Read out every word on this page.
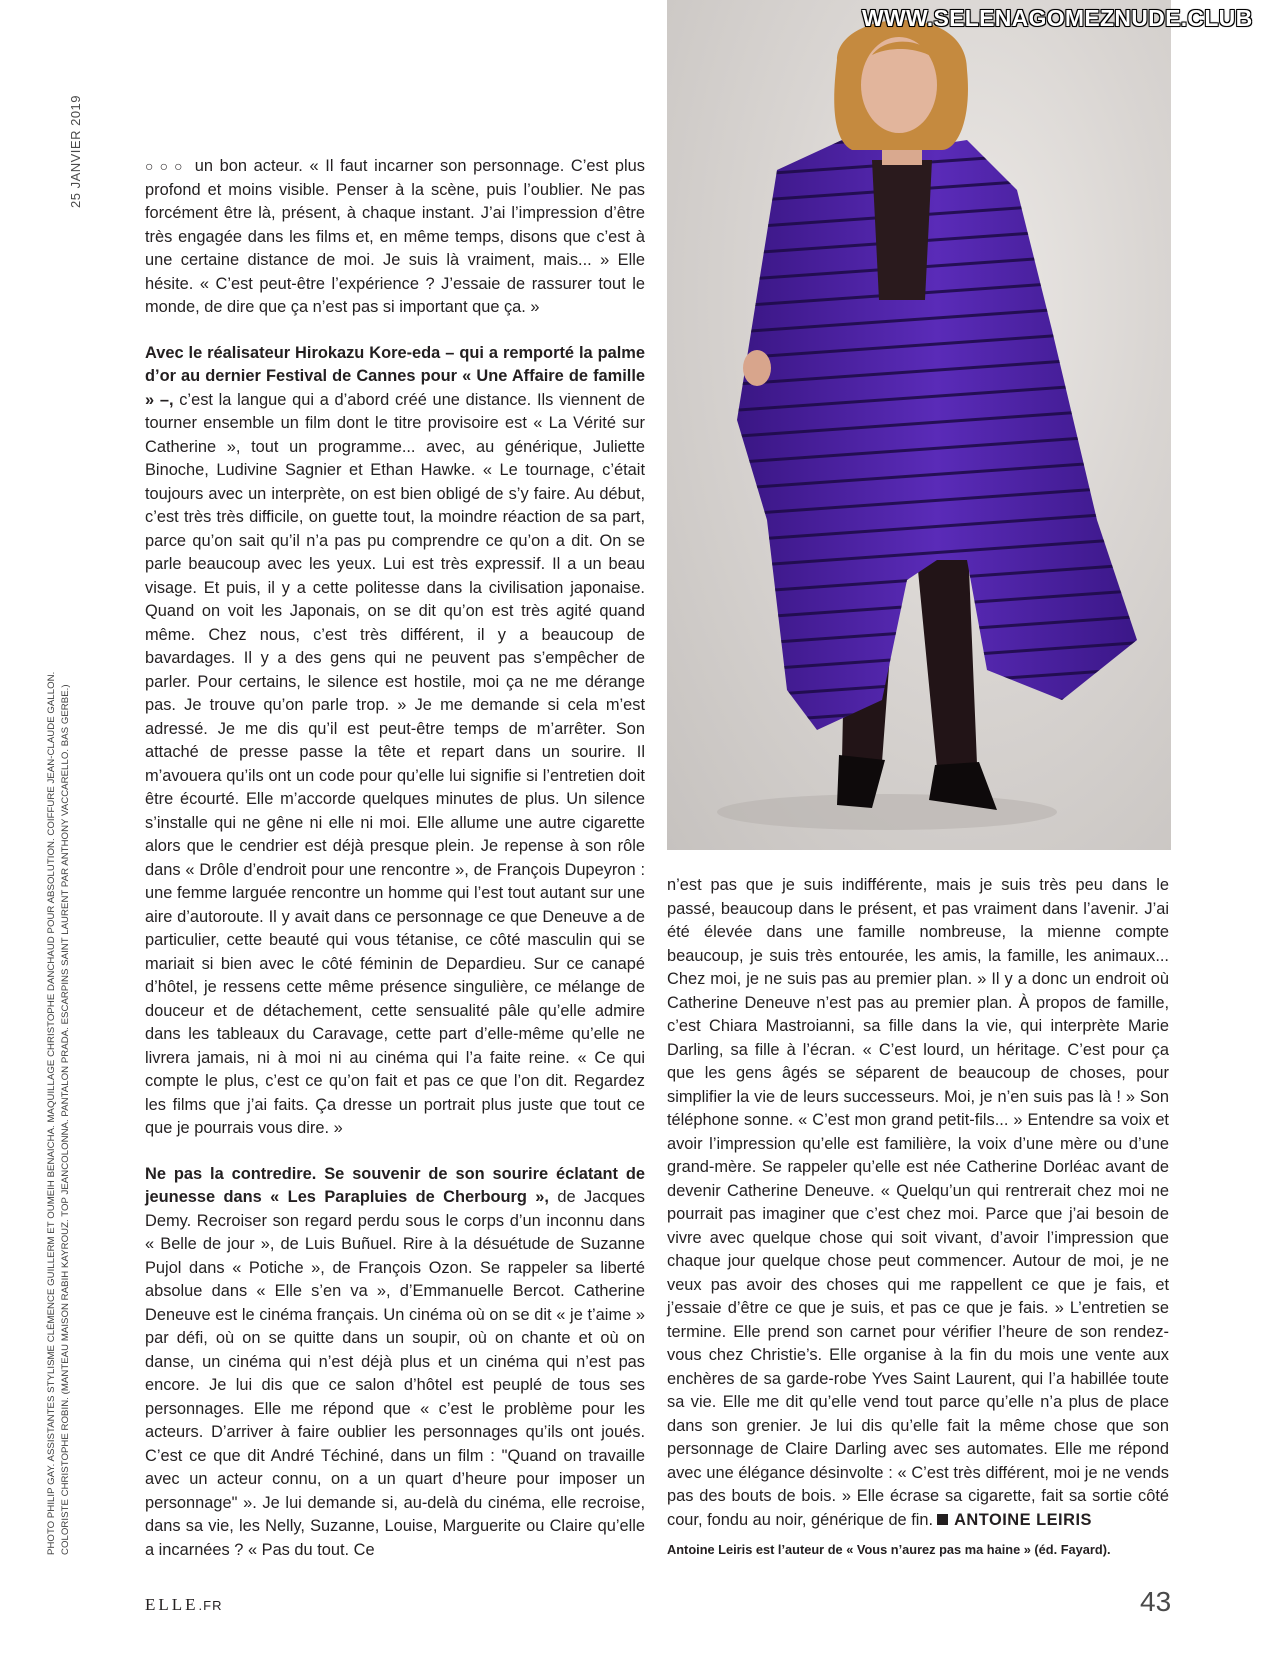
25 JANVIER 2019
PHOTO PHILIP GAY. ASSISTANTES STYLISME CLÉMENCE GUILLERM ET OUMEIH BENAICHA. MAQUILLAGE CHRISTOPHE DANCHAUD POUR ABSOLUTION. COIFFURE JEAN-CLAUDE GALLON. COLORISTE CHRISTOPHE ROBIN. (MANTEAU MAISON RABIH KAYROUZ. TOP JEANCOLONNA. PANTALON PRADA. ESCARPINS SAINT LAURENT PAR ANTHONY VACCARELLO. BAS GERBE.)
WWW.SELENAGOMEZNUDE.CLUB

○○○ un bon acteur. « Il faut incarner son personnage. C’est plus profond et moins visible. Penser à la scène, puis l’oublier. Ne pas forcément être là, présent, à chaque instant. J’ai l’impression d’être très engagée dans les films et, en même temps, disons que c’est à une certaine distance de moi. Je suis là vraiment, mais... » Elle hésite. « C’est peut-être l’expérience ? J’essaie de rassurer tout le monde, de dire que ça n’est pas si important que ça. »

Avec le réalisateur Hirokazu Kore-eda – qui a remporté la palme d’or au dernier Festival de Cannes pour « Une Affaire de famille » –, c’est la langue qui a d’abord créé une distance. Ils viennent de tourner ensemble un film dont le titre provisoire est « La Vérité sur Catherine », tout un programme... avec, au générique, Juliette Binoche, Ludivine Sagnier et Ethan Hawke. « Le tournage, c’était toujours avec un interprète, on est bien obligé de s’y faire. Au début, c’est très très difficile, on guette tout, la moindre réaction de sa part, parce qu’on sait qu’il n’a pas pu comprendre ce qu’on a dit. On se parle beaucoup avec les yeux. Lui est très expressif. Il a un beau visage. Et puis, il y a cette politesse dans la civilisation japonaise. Quand on voit les Japonais, on se dit qu’on est très agité quand même. Chez nous, c’est très différent, il y a beaucoup de bavardages. Il y a des gens qui ne peuvent pas s’empêcher de parler. Pour certains, le silence est hostile, moi ça ne me dérange pas. Je trouve qu’on parle trop. » Je me demande si cela m’est adressé. Je me dis qu’il est peut-être temps de m’arrêter. Son attaché de presse passe la tête et repart dans un sourire. Il m’avouera qu’ils ont un code pour qu’elle lui signifie si l’entretien doit être écourté. Elle m’accorde quelques minutes de plus. Un silence s’installe qui ne gêne ni elle ni moi. Elle allume une autre cigarette alors que le cendrier est déjà presque plein. Je repense à son rôle dans « Drôle d’endroit pour une rencontre », de François Dupeyron : une femme larguée rencontre un homme qui l’est tout autant sur une aire d’autoroute. Il y avait dans ce personnage ce que Deneuve a de particulier, cette beauté qui vous tétanise, ce côté masculin qui se mariait si bien avec le côté féminin de Depardieu. Sur ce canapé d’hôtel, je ressens cette même présence singulière, ce mélange de douceur et de détachement, cette sensualité pâle qu’elle admire dans les tableaux du Caravage, cette part d’elle-même qu’elle ne livrera jamais, ni à moi ni au cinéma qui l’a faite reine. « Ce qui compte le plus, c’est ce qu’on fait et pas ce que l’on dit. Regardez les films que j’ai faits. Ça dresse un portrait plus juste que tout ce que je pourrais vous dire. »

Ne pas la contredire. Se souvenir de son sourire éclatant de jeunesse dans « Les Parapluies de Cherbourg », de Jacques Demy. Recroiser son regard perdu sous le corps d’un inconnu dans « Belle de jour », de Luis Buñuel. Rire à la désuétude de Suzanne Pujol dans « Potiche », de François Ozon. Se rappeler sa liberté absolue dans « Elle s’en va », d’Emmanuelle Bercot. Catherine Deneuve est le cinéma français. Un cinéma où on se dit « je t’aime » par défi, où on se quitte dans un soupir, où on chante et où on danse, un cinéma qui n’est déjà plus et un cinéma qui n’est pas encore. Je lui dis que ce salon d’hôtel est peuplé de tous ses personnages. Elle me répond que « c’est le problème pour les acteurs. D’arriver à faire oublier les personnages qu’ils ont joués. C’est ce que dit André Téchiné, dans un film : "Quand on travaille avec un acteur connu, on a un quart d’heure pour imposer un personnage" ». Je lui demande si, au-delà du cinéma, elle recroise, dans sa vie, les Nelly, Suzanne, Louise, Marguerite ou Claire qu’elle a incarnées ? « Pas du tout. Ce

n’est pas que je suis indifférente, mais je suis très peu dans le passé, beaucoup dans le présent, et pas vraiment dans l’avenir. J’ai été élevée dans une famille nombreuse, la mienne compte beaucoup, je suis très entourée, les amis, la famille, les animaux... Chez moi, je ne suis pas au premier plan. » Il y a donc un endroit où Catherine Deneuve n’est pas au premier plan. À propos de famille, c’est Chiara Mastroianni, sa fille dans la vie, qui interprète Marie Darling, sa fille à l’écran. « C’est lourd, un héritage. C’est pour ça que les gens âgés se séparent de beaucoup de choses, pour simplifier la vie de leurs successeurs. Moi, je n’en suis pas là ! » Son téléphone sonne. « C’est mon grand petit-fils... » Entendre sa voix et avoir l’impression qu’elle est familière, la voix d’une mère ou d’une grand-mère. Se rappeler qu’elle est née Catherine Dorléac avant de devenir Catherine Deneuve. « Quelqu’un qui rentrerait chez moi ne pourrait pas imaginer que c’est chez moi. Parce que j’ai besoin de vivre avec quelque chose qui soit vivant, d’avoir l’impression que chaque jour quelque chose peut commencer. Autour de moi, je ne veux pas avoir des choses qui me rappellent ce que je fais, et j’essaie d’être ce que je suis, et pas ce que je fais. » L’entretien se termine. Elle prend son carnet pour vérifier l’heure de son rendez-vous chez Christie’s. Elle organise à la fin du mois une vente aux enchères de sa garde-robe Yves Saint Laurent, qui l’a habillée toute sa vie. Elle me dit qu’elle vend tout parce qu’elle n’a plus de place dans son grenier. Je lui dis qu’elle fait la même chose que son personnage de Claire Darling avec ses automates. Elle me répond avec une élégance désinvolte : « C’est très différent, moi je ne vends pas des bouts de bois. » Elle écrase sa cigarette, fait sa sortie côté cour, fondu au noir, générique de fin. ANTOINE LEIRIS

Antoine Leiris est l’auteur de « Vous n’aurez pas ma haine » (éd. Fayard).

ELLE.FR	43
